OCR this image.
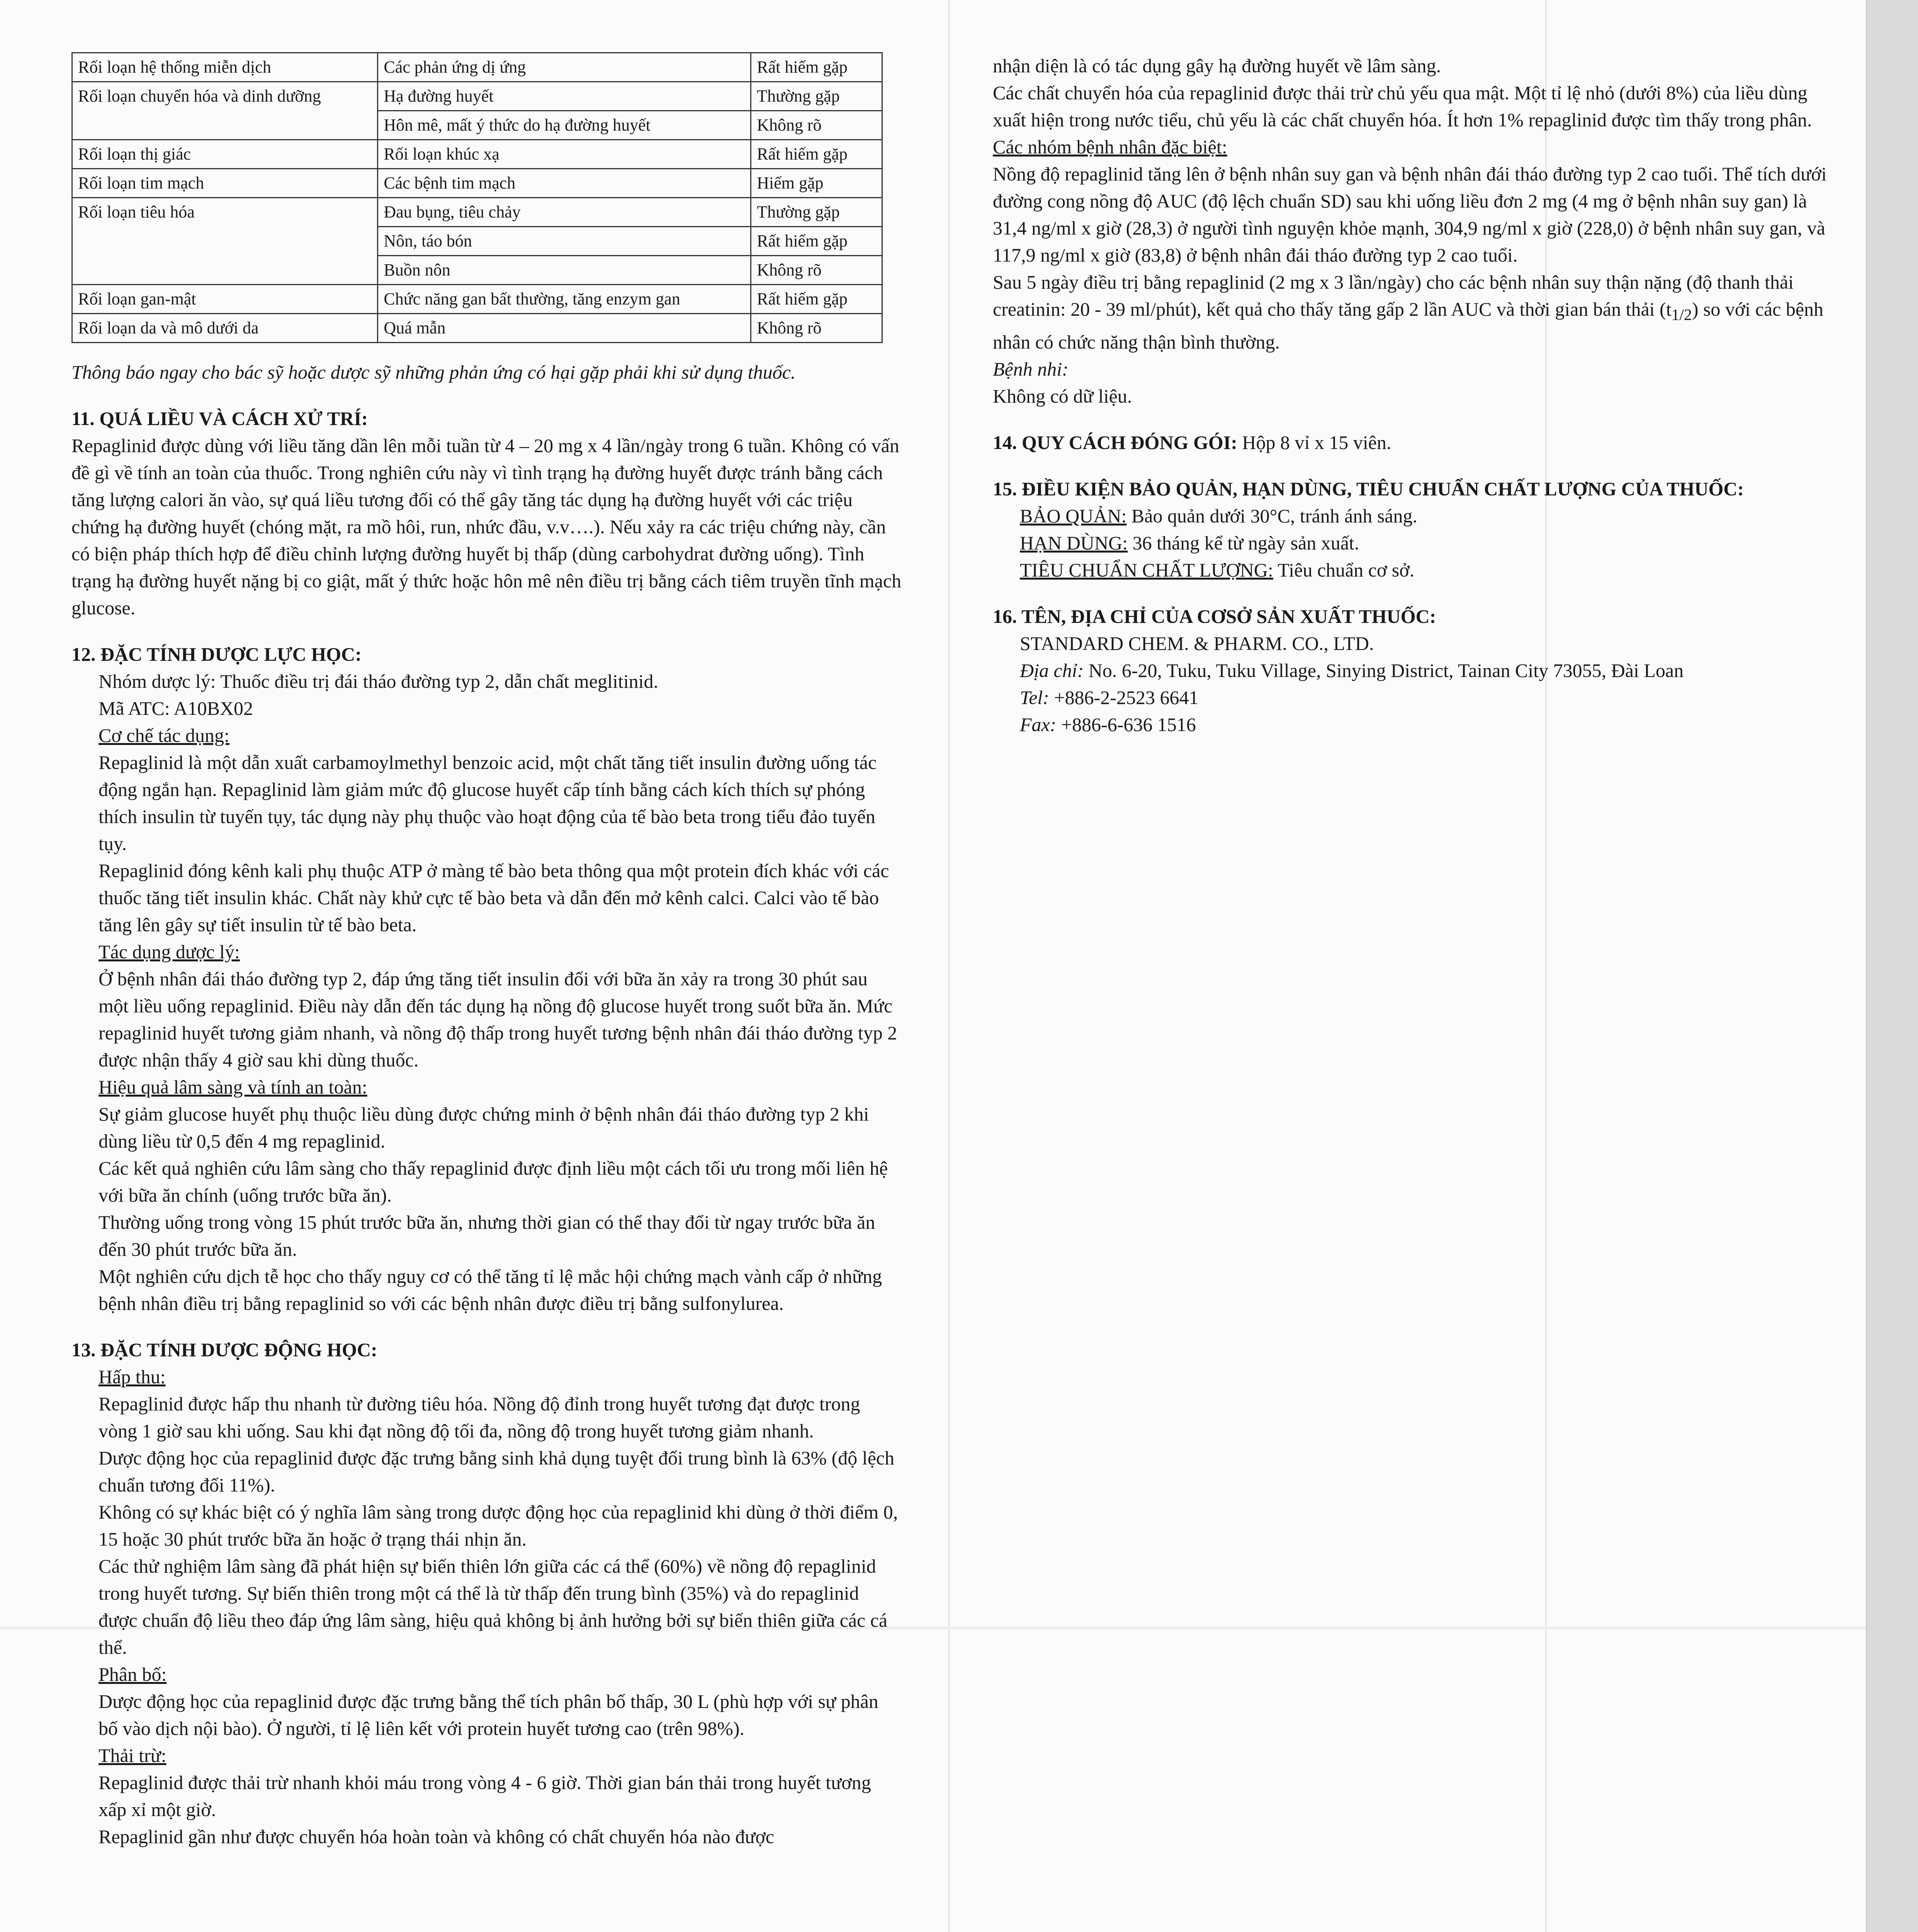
Rối loạn hệ thống miễn dịch	Các phản ứng dị ứng	Rất hiếm gặp
Rối loạn chuyển hóa và dinh dưỡng	Hạ đường huyết	Thường gặp
	Hôn mê, mất ý thức do hạ đường huyết	Không rõ
Rối loạn thị giác	Rối loạn khúc xạ	Rất hiếm gặp
Rối loạn tim mạch	Các bệnh tim mạch	Hiếm gặp
Rối loạn tiêu hóa	Đau bụng, tiêu chảy	Thường gặp
	Nôn, táo bón	Rất hiếm gặp
	Buồn nôn	Không rõ
Rối loạn gan-mật	Chức năng gan bất thường, tăng enzym gan	Rất hiếm gặp
Rối loạn da và mô dưới da	Quá mẫn	Không rõ

Thông báo ngay cho bác sỹ hoặc dược sỹ những phản ứng có hại gặp phải khi sử dụng thuốc.

11. QUÁ LIỀU VÀ CÁCH XỬ TRÍ:

Repaglinid được dùng với liều tăng dần lên mỗi tuần từ 4 – 20 mg x 4 lần/ngày trong 6 tuần. Không có vấn đề gì về tính an toàn của thuốc. Trong nghiên cứu này vì tình trạng hạ đường huyết được tránh bằng cách tăng lượng calori ăn vào, sự quá liều tương đối có thể gây tăng tác dụng hạ đường huyết với các triệu chứng hạ đường huyết (chóng mặt, ra mồ hôi, run, nhức đầu, v.v….). Nếu xảy ra các triệu chứng này, cần có biện pháp thích hợp để điều chỉnh lượng đường huyết bị thấp (dùng carbohydrat đường uống). Tình trạng hạ đường huyết nặng bị co giật, mất ý thức hoặc hôn mê nên điều trị bằng cách tiêm truyền tĩnh mạch glucose.

12. ĐẶC TÍNH DƯỢC LỰC HỌC:

Nhóm dược lý: Thuốc điều trị đái tháo đường typ 2, dẫn chất meglitinid.

Mã ATC: A10BX02

Cơ chế tác dụng:

Repaglinid là một dẫn xuất carbamoylmethyl benzoic acid, một chất tăng tiết insulin đường uống tác động ngắn hạn. Repaglinid làm giảm mức độ glucose huyết cấp tính bằng cách kích thích sự phóng thích insulin từ tuyến tụy, tác dụng này phụ thuộc vào hoạt động của tế bào beta trong tiểu đảo tuyến tụy.

Repaglinid đóng kênh kali phụ thuộc ATP ở màng tế bào beta thông qua một protein đích khác với các thuốc tăng tiết insulin khác. Chất này khử cực tế bào beta và dẫn đến mở kênh calci. Calci vào tế bào tăng lên gây sự tiết insulin từ tế bào beta.

Tác dụng dược lý:

Ở bệnh nhân đái tháo đường typ 2, đáp ứng tăng tiết insulin đối với bữa ăn xảy ra trong 30 phút sau một liều uống repaglinid. Điều này dẫn đến tác dụng hạ nồng độ glucose huyết trong suốt bữa ăn. Mức repaglinid huyết tương giảm nhanh, và nồng độ thấp trong huyết tương bệnh nhân đái tháo đường typ 2 được nhận thấy 4 giờ sau khi dùng thuốc.

Hiệu quả lâm sàng và tính an toàn:

Sự giảm glucose huyết phụ thuộc liều dùng được chứng minh ở bệnh nhân đái tháo đường typ 2 khi dùng liều từ 0,5 đến 4 mg repaglinid.

Các kết quả nghiên cứu lâm sàng cho thấy repaglinid được định liều một cách tối ưu trong mối liên hệ với bữa ăn chính (uống trước bữa ăn).

Thường uống trong vòng 15 phút trước bữa ăn, nhưng thời gian có thể thay đổi từ ngay trước bữa ăn đến 30 phút trước bữa ăn.

Một nghiên cứu dịch tễ học cho thấy nguy cơ có thể tăng tỉ lệ mắc hội chứng mạch vành cấp ở những bệnh nhân điều trị bằng repaglinid so với các bệnh nhân được điều trị bằng sulfonylurea.

13. ĐẶC TÍNH DƯỢC ĐỘNG HỌC:

Hấp thu:

Repaglinid được hấp thu nhanh từ đường tiêu hóa. Nồng độ đỉnh trong huyết tương đạt được trong vòng 1 giờ sau khi uống. Sau khi đạt nồng độ tối đa, nồng độ trong huyết tương giảm nhanh.

Dược động học của repaglinid được đặc trưng bằng sinh khả dụng tuyệt đối trung bình là 63% (độ lệch chuẩn tương đối 11%).

Không có sự khác biệt có ý nghĩa lâm sàng trong dược động học của repaglinid khi dùng ở thời điểm 0, 15 hoặc 30 phút trước bữa ăn hoặc ở trạng thái nhịn ăn.

Các thử nghiệm lâm sàng đã phát hiện sự biến thiên lớn giữa các cá thể (60%) về nồng độ repaglinid trong huyết tương. Sự biến thiên trong một cá thể là từ thấp đến trung bình (35%) và do repaglinid được chuẩn độ liều theo đáp ứng lâm sàng, hiệu quả không bị ảnh hưởng bởi sự biến thiên giữa các cá thể.

Phân bố:

Dược động học của repaglinid được đặc trưng bằng thể tích phân bố thấp, 30 L (phù hợp với sự phân bố vào dịch nội bào). Ở người, tỉ lệ liên kết với protein huyết tương cao (trên 98%).

Thải trừ:

Repaglinid được thải trừ nhanh khỏi máu trong vòng 4 - 6 giờ. Thời gian bán thải trong huyết tương xấp xỉ một giờ.

Repaglinid gần như được chuyển hóa hoàn toàn và không có chất chuyển hóa nào được

nhận diện là có tác dụng gây hạ đường huyết về lâm sàng.

Các chất chuyển hóa của repaglinid được thải trừ chủ yếu qua mật. Một tỉ lệ nhỏ (dưới 8%) của liều dùng xuất hiện trong nước tiểu, chủ yếu là các chất chuyển hóa. Ít hơn 1% repaglinid được tìm thấy trong phân.

Các nhóm bệnh nhân đặc biệt:

Nồng độ repaglinid tăng lên ở bệnh nhân suy gan và bệnh nhân đái tháo đường typ 2 cao tuổi. Thể tích dưới đường cong nồng độ AUC (độ lệch chuẩn SD) sau khi uống liều đơn 2 mg (4 mg ở bệnh nhân suy gan) là 31,4 ng/ml x giờ (28,3) ở người tình nguyện khỏe mạnh, 304,9 ng/ml x giờ (228,0) ở bệnh nhân suy gan, và 117,9 ng/ml x giờ (83,8) ở bệnh nhân đái tháo đường typ 2 cao tuổi.

Sau 5 ngày điều trị bằng repaglinid (2 mg x 3 lần/ngày) cho các bệnh nhân suy thận nặng (độ thanh thải creatinin: 20 - 39 ml/phút), kết quả cho thấy tăng gấp 2 lần AUC và thời gian bán thải $(t_{1/2})$ so với các bệnh nhân có chức năng thận bình thường.

Bệnh nhi:

Không có dữ liệu.

14. QUY CÁCH ĐÓNG GÓI: Hộp 8 vỉ x 15 viên.
15. ĐIỀU KIỆN BẢO QUẢN, HẠN DÙNG, TIÊU CHUẨN CHẤT LƯỢNG CỦA THUỐC:

BẢO QUẢN: Bảo quản dưới 30°C, tránh ánh sáng.

HẠN DÙNG: 36 tháng kể từ ngày sản xuất.

TIÊU CHUẨN CHẤT LƯỢNG: Tiêu chuẩn cơ sở.

16. TÊN, ĐỊA CHỈ CỦA CƠSỞ SẢN XUẤT THUỐC:

STANDARD CHEM. & PHARM. CO., LTD.

Địa chỉ: No. 6-20, Tuku, Tuku Village, Sinying District, Tainan City 73055, Đài Loan

Tel: +886-2-2523 6641

Fax: +886-6-636 1516
